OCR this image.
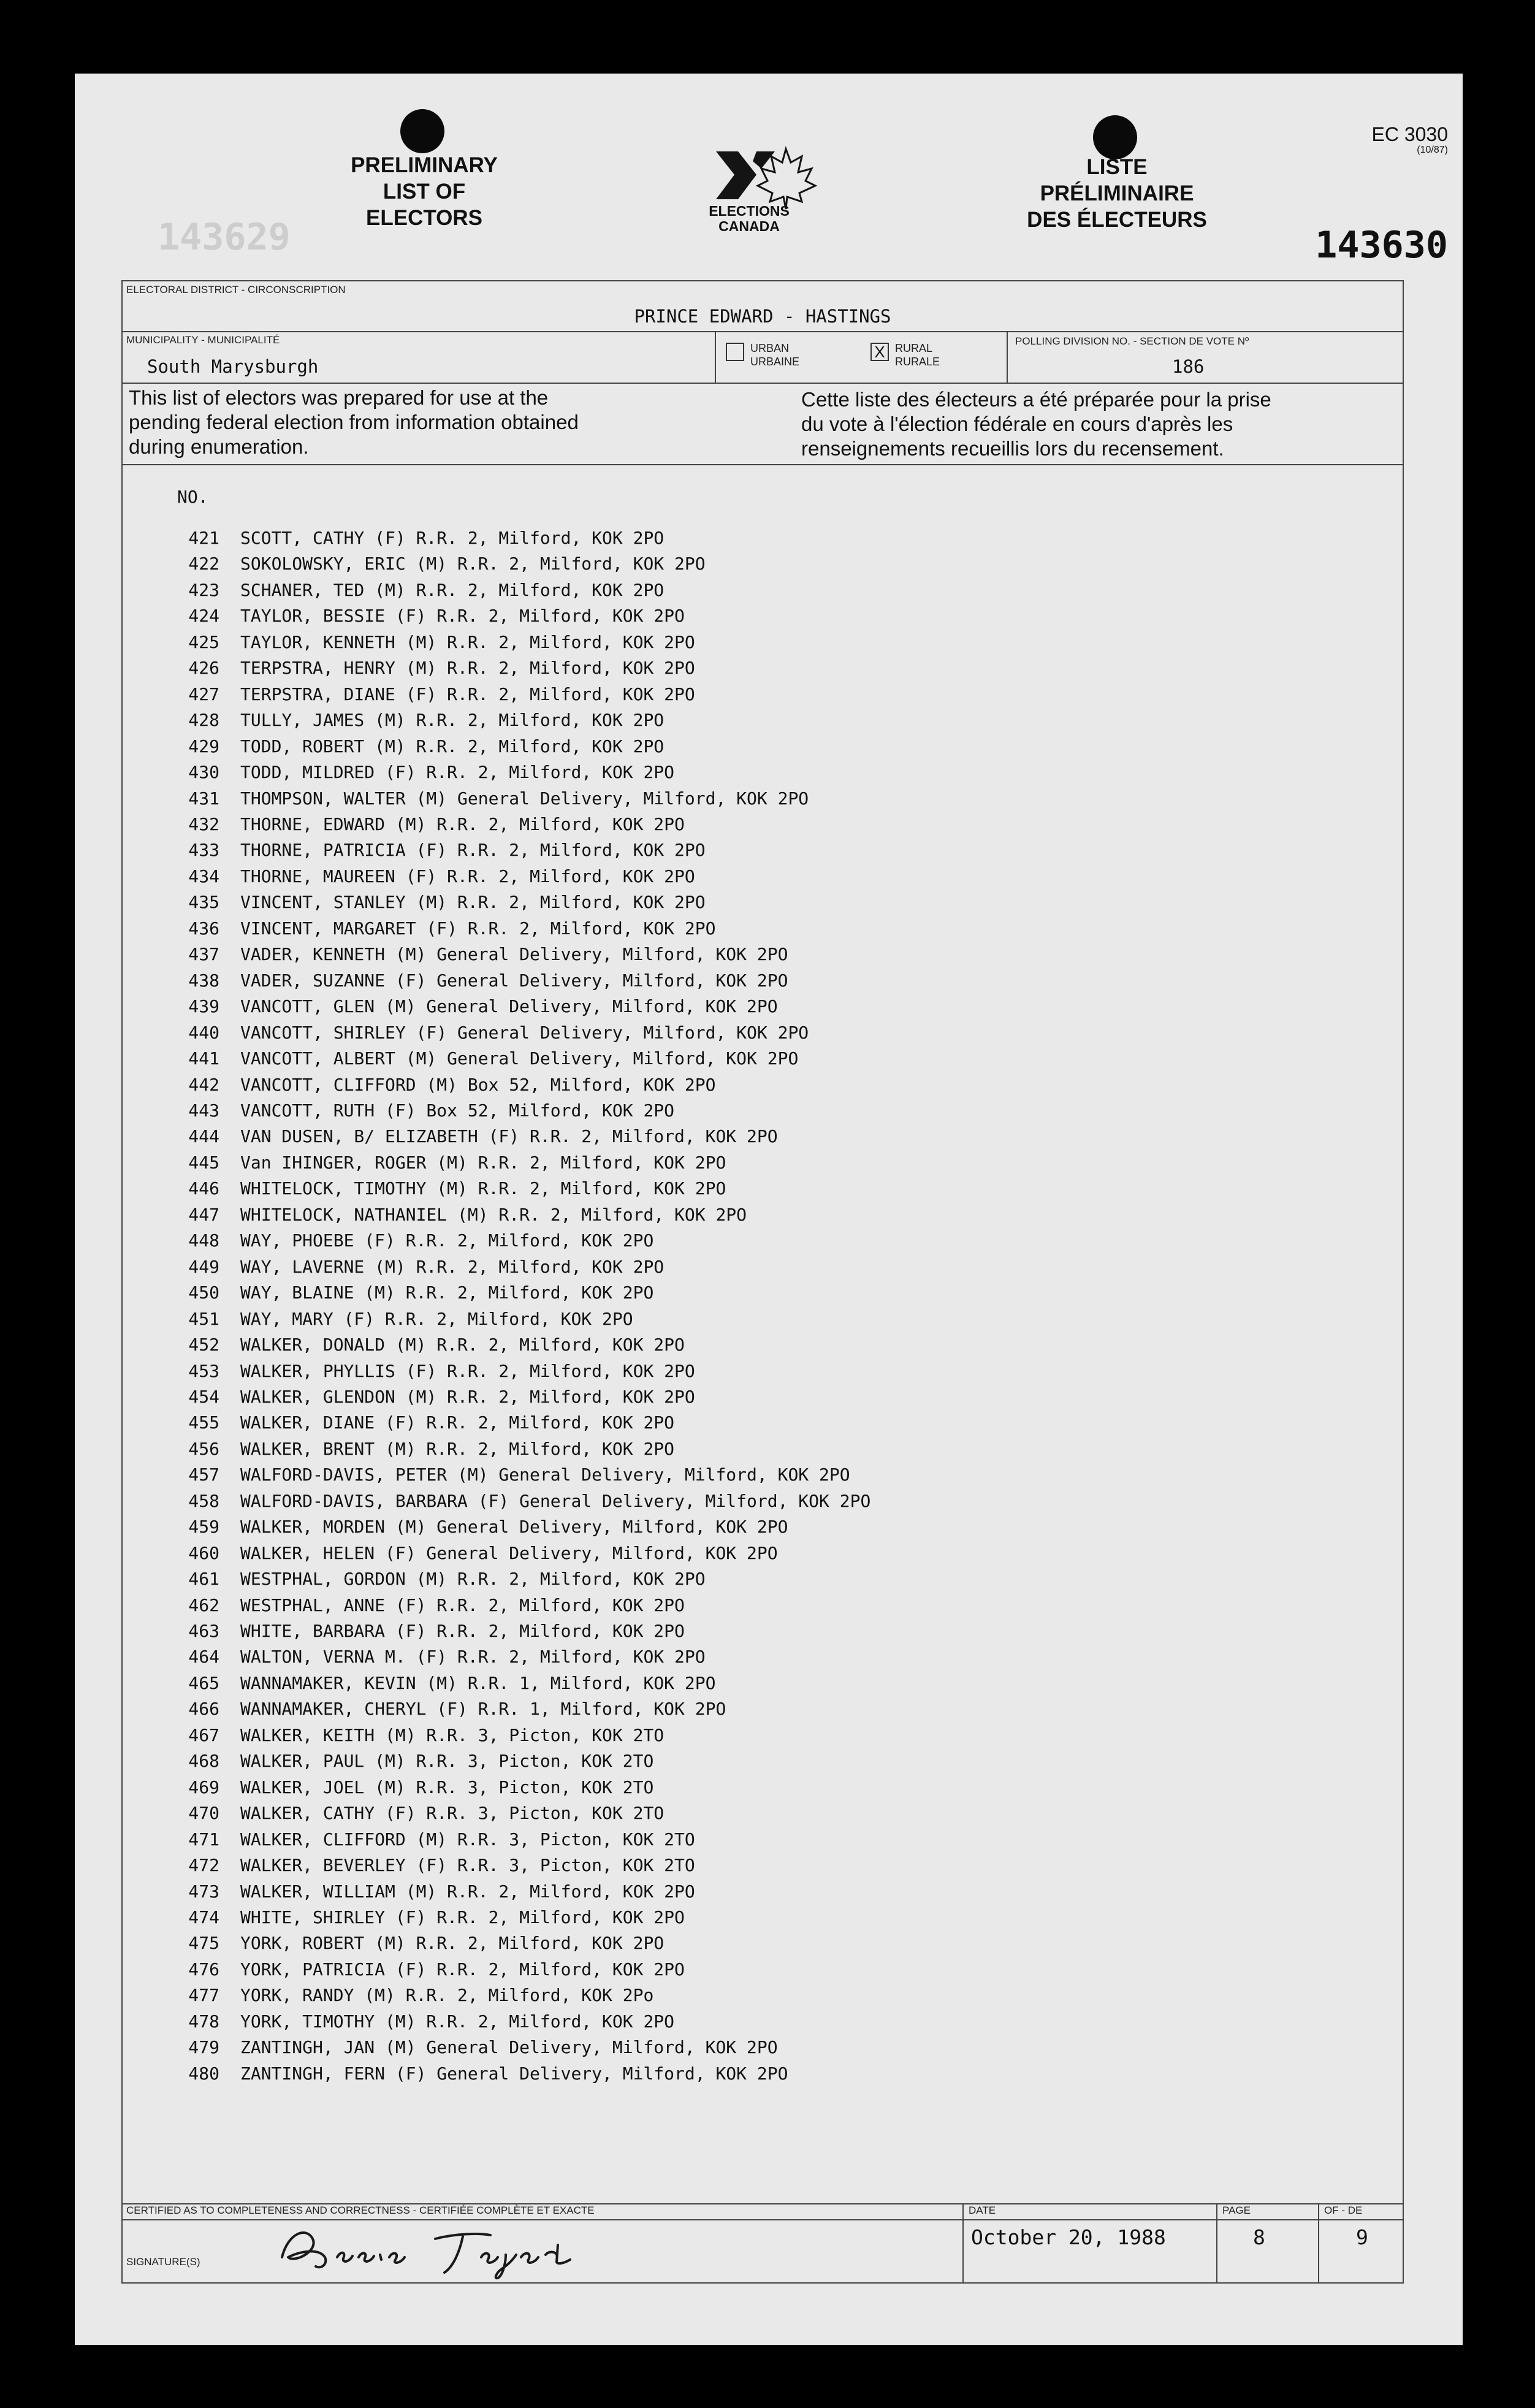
PRELIMINARY
LIST OF
ELECTORS	ELECTIONS
CANADA
LISTE
PRÉLIMINAIRE
DES ÉLECTEURS
EC 3030
(10/87)
143629	143630
ELECTORAL DISTRICT - CIRCONSCRIPTION
PRINCE EDWARD - HASTINGS
MUNICIPALITY - MUNICIPALITÉ
South Marysburgh
URBAN
URBAINE
X RURAL
RURALE
POLLING DIVISION NO. - SECTION DE VOTE Nº
186
This list of electors was prepared for use at the
pending federal election from information obtained
during enumeration.
Cette liste des électeurs a été préparée pour la prise
du vote à l'élection fédérale en cours d'après les
renseignements recueillis lors du recensement.
NO.
421 SCOTT, CATHY (F) R.R. 2, Milford, KOK 2PO
422 SOKOLOWSKY, ERIC (M) R.R. 2, Milford, KOK 2PO
423 SCHANER, TED (M) R.R. 2, Milford, KOK 2PO
424 TAYLOR, BESSIE (F) R.R. 2, Milford, KOK 2PO
425 TAYLOR, KENNETH (M) R.R. 2, Milford, KOK 2PO
426 TERPSTRA, HENRY (M) R.R. 2, Milford, KOK 2PO
427 TERPSTRA, DIANE (F) R.R. 2, Milford, KOK 2PO
428 TULLY, JAMES (M) R.R. 2, Milford, KOK 2PO
429 TODD, ROBERT (M) R.R. 2, Milford, KOK 2PO
430 TODD, MILDRED (F) R.R. 2, Milford, KOK 2PO
431 THOMPSON, WALTER (M) General Delivery, Milford, KOK 2PO
432 THORNE, EDWARD (M) R.R. 2, Milford, KOK 2PO
433 THORNE, PATRICIA (F) R.R. 2, Milford, KOK 2PO
434 THORNE, MAUREEN (F) R.R. 2, Milford, KOK 2PO
435 VINCENT, STANLEY (M) R.R. 2, Milford, KOK 2PO
436 VINCENT, MARGARET (F) R.R. 2, Milford, KOK 2PO
437 VADER, KENNETH (M) General Delivery, Milford, KOK 2PO
438 VADER, SUZANNE (F) General Delivery, Milford, KOK 2PO
439 VANCOTT, GLEN (M) General Delivery, Milford, KOK 2PO
440 VANCOTT, SHIRLEY (F) General Delivery, Milford, KOK 2PO
441 VANCOTT, ALBERT (M) General Delivery, Milford, KOK 2PO
442 VANCOTT, CLIFFORD (M) Box 52, Milford, KOK 2PO
443 VANCOTT, RUTH (F) Box 52, Milford, KOK 2PO
444 VAN DUSEN, B/ ELIZABETH (F) R.R. 2, Milford, KOK 2PO
445 Van IHINGER, ROGER (M) R.R. 2, Milford, KOK 2PO
446 WHITELOCK, TIMOTHY (M) R.R. 2, Milford, KOK 2PO
447 WHITELOCK, NATHANIEL (M) R.R. 2, Milford, KOK 2PO
448 WAY, PHOEBE (F) R.R. 2, Milford, KOK 2PO
449 WAY, LAVERNE (M) R.R. 2, Milford, KOK 2PO
450 WAY, BLAINE (M) R.R. 2, Milford, KOK 2PO
451 WAY, MARY (F) R.R. 2, Milford, KOK 2PO
452 WALKER, DONALD (M) R.R. 2, Milford, KOK 2PO
453 WALKER, PHYLLIS (F) R.R. 2, Milford, KOK 2PO
454 WALKER, GLENDON (M) R.R. 2, Milford, KOK 2PO
455 WALKER, DIANE (F) R.R. 2, Milford, KOK 2PO
456 WALKER, BRENT (M) R.R. 2, Milford, KOK 2PO
457 WALFORD-DAVIS, PETER (M) General Delivery, Milford, KOK 2PO
458 WALFORD-DAVIS, BARBARA (F) General Delivery, Milford, KOK 2PO
459 WALKER, MORDEN (M) General Delivery, Milford, KOK 2PO
460 WALKER, HELEN (F) General Delivery, Milford, KOK 2PO
461 WESTPHAL, GORDON (M) R.R. 2, Milford, KOK 2PO
462 WESTPHAL, ANNE (F) R.R. 2, Milford, KOK 2PO
463 WHITE, BARBARA (F) R.R. 2, Milford, KOK 2PO
464 WALTON, VERNA M. (F) R.R. 2, Milford, KOK 2PO
465 WANNAMAKER, KEVIN (M) R.R. 1, Milford, KOK 2PO
466 WANNAMAKER, CHERYL (F) R.R. 1, Milford, KOK 2PO
467 WALKER, KEITH (M) R.R. 3, Picton, KOK 2TO
468 WALKER, PAUL (M) R.R. 3, Picton, KOK 2TO
469 WALKER, JOEL (M) R.R. 3, Picton, KOK 2TO
470 WALKER, CATHY (F) R.R. 3, Picton, KOK 2TO
471 WALKER, CLIFFORD (M) R.R. 3, Picton, KOK 2TO
472 WALKER, BEVERLEY (F) R.R. 3, Picton, KOK 2TO
473 WALKER, WILLIAM (M) R.R. 2, Milford, KOK 2PO
474 WHITE, SHIRLEY (F) R.R. 2, Milford, KOK 2PO
475 YORK, ROBERT (M) R.R. 2, Milford, KOK 2PO
476 YORK, PATRICIA (F) R.R. 2, Milford, KOK 2PO
477 YORK, RANDY (M) R.R. 2, Milford, KOK 2Po
478 YORK, TIMOTHY (M) R.R. 2, Milford, KOK 2PO
479 ZANTINGH, JAN (M) General Delivery, Milford, KOK 2PO
480 ZANTINGH, FERN (F) General Delivery, Milford, KOK 2PO
CERTIFIED AS TO COMPLETENESS AND CORRECTNESS - CERTIFIÉE COMPLÈTE ET EXACTE
SIGNATURE(S)
DATE
October 20, 1988
PAGE
8
OF - DE
9
